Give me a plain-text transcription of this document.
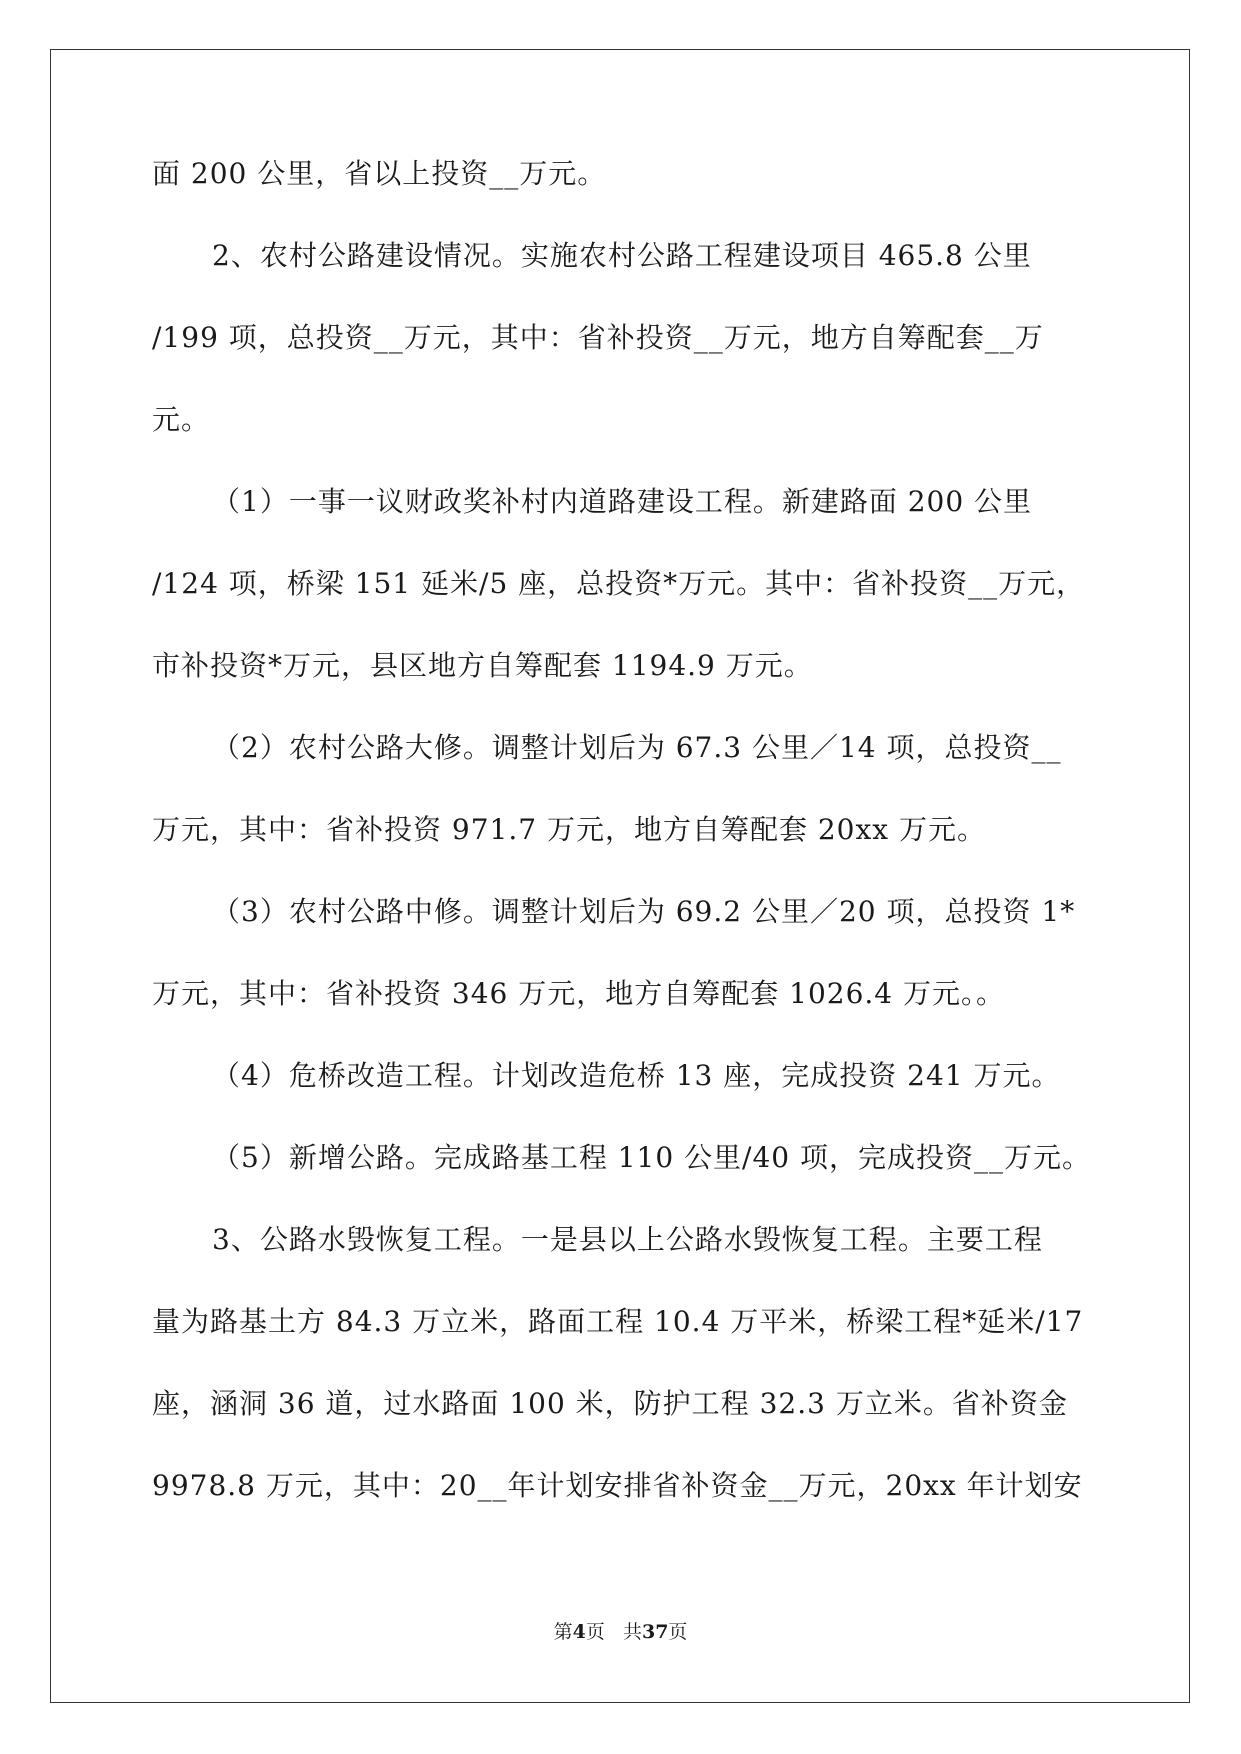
面 200 公里，省以上投资__万元。
2、农村公路建设情况。实施农村公路工程建设项目 465.8 公里
/199 项，总投资__万元，其中：省补投资__万元，地方自筹配套__万
元。
（1）一事一议财政奖补村内道路建设工程。新建路面 200 公里
/124 项，桥梁 151 延米/5 座，总投资*万元。其中：省补投资__万元，
市补投资*万元，县区地方自筹配套 1194.9 万元。
（2）农村公路大修。调整计划后为 67.3 公里／14 项，总投资__
万元，其中：省补投资 971.7 万元，地方自筹配套 20xx 万元。
（3）农村公路中修。调整计划后为 69.2 公里／20 项，总投资 1*
万元，其中：省补投资 346 万元，地方自筹配套 1026.4 万元。。
（4）危桥改造工程。计划改造危桥 13 座，完成投资 241 万元。
（5）新增公路。完成路基工程 110 公里/40 项，完成投资__万元。
3、公路水毁恢复工程。一是县以上公路水毁恢复工程。主要工程
量为路基土方 84.3 万立米，路面工程 10.4 万平米，桥梁工程*延米/17
座，涵洞 36 道，过水路面 100 米，防护工程 32.3 万立米。省补资金
9978.8 万元，其中：20__年计划安排省补资金__万元，20xx 年计划安
第4页 共37页
